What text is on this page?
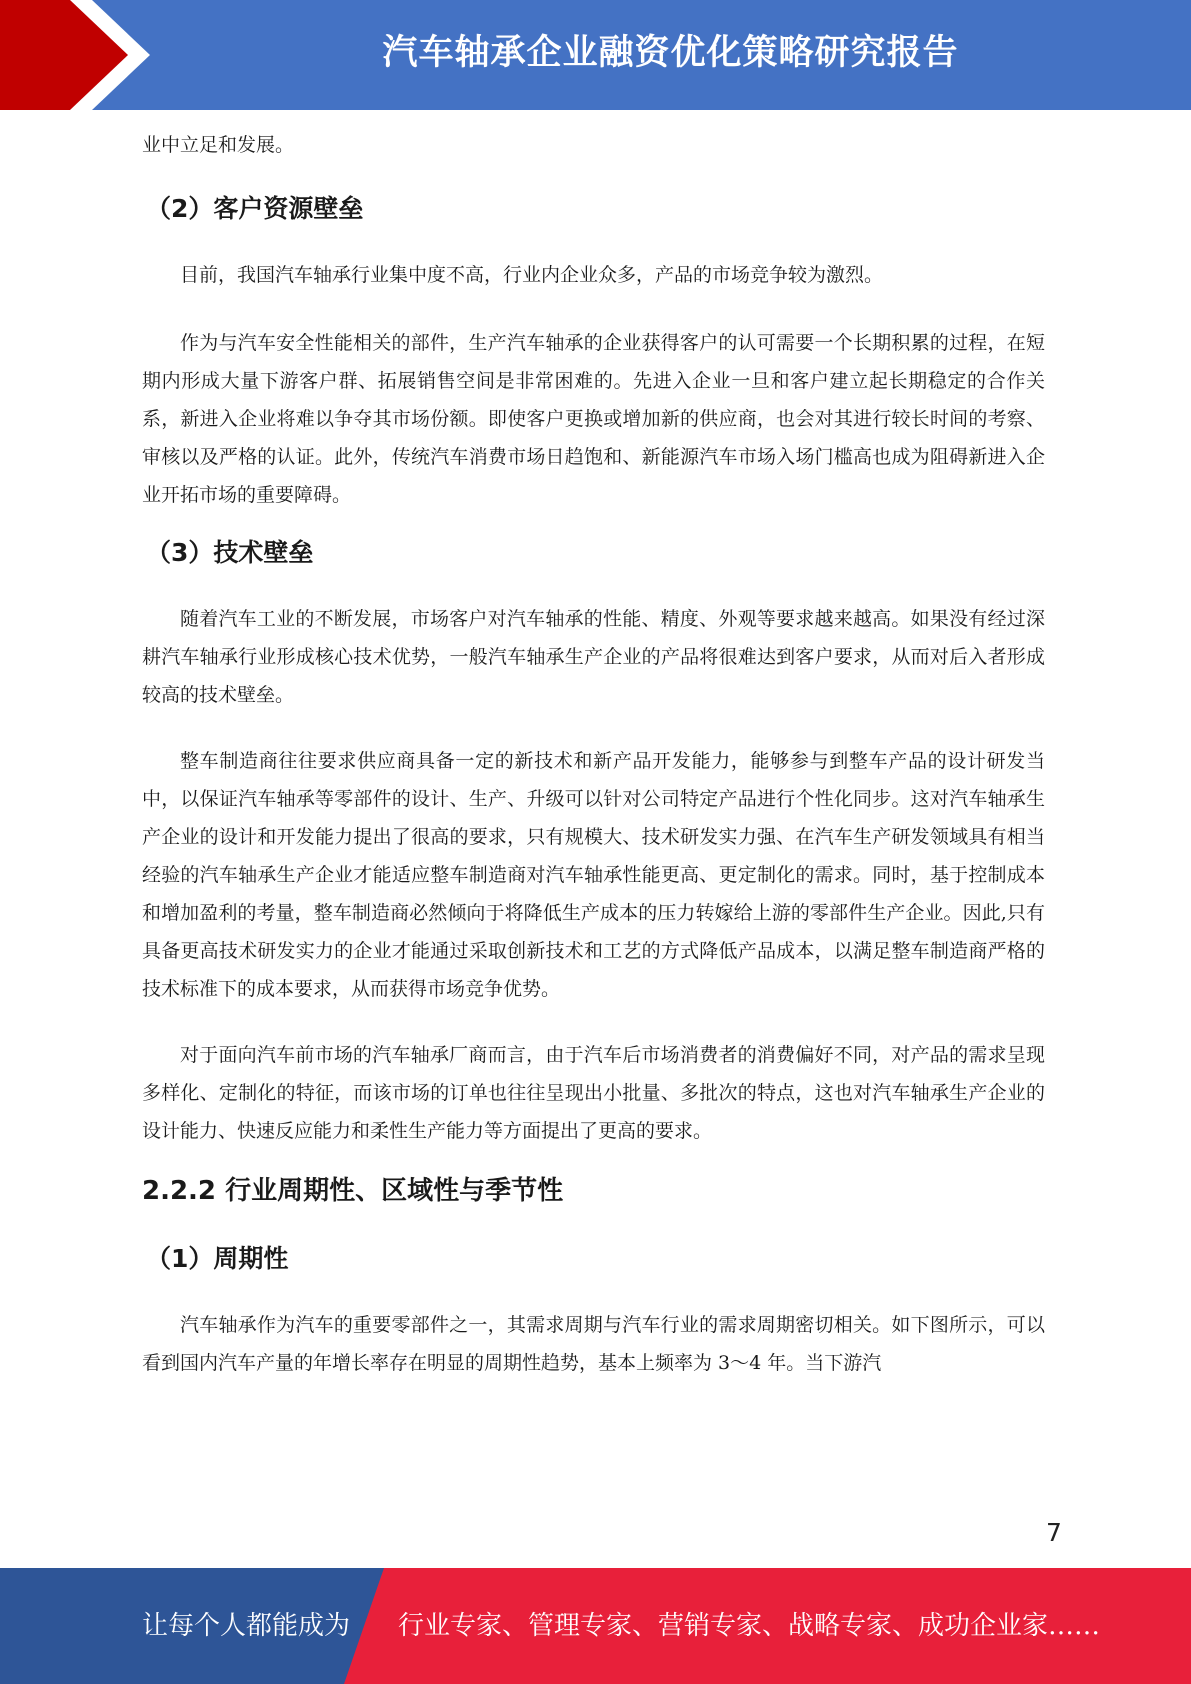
汽车轴承企业融资优化策略研究报告

业中立足和发展。

（2）客户资源壁垒

目前，我国汽车轴承行业集中度不高，行业内企业众多，产品的市场竞争较为激烈。

作为与汽车安全性能相关的部件，生产汽车轴承的企业获得客户的认可需要一个长期积累的过程，在短期内形成大量下游客户群、拓展销售空间是非常困难的。先进入企业一旦和客户建立起长期稳定的合作关系，新进入企业将难以争夺其市场份额。即使客户更换或增加新的供应商，也会对其进行较长时间的考察、审核以及严格的认证。此外，传统汽车消费市场日趋饱和、新能源汽车市场入场门槛高也成为阻碍新进入企业开拓市场的重要障碍。

（3）技术壁垒

随着汽车工业的不断发展，市场客户对汽车轴承的性能、精度、外观等要求越来越高。如果没有经过深耕汽车轴承行业形成核心技术优势，一般汽车轴承生产企业的产品将很难达到客户要求，从而对后入者形成较高的技术壁垒。

整车制造商往往要求供应商具备一定的新技术和新产品开发能力，能够参与到整车产品的设计研发当中，以保证汽车轴承等零部件的设计、生产、升级可以针对公司特定产品进行个性化同步。这对汽车轴承生产企业的设计和开发能力提出了很高的要求，只有规模大、技术研发实力强、在汽车生产研发领域具有相当经验的汽车轴承生产企业才能适应整车制造商对汽车轴承性能更高、更定制化的需求。同时，基于控制成本和增加盈利的考量，整车制造商必然倾向于将降低生产成本的压力转嫁给上游的零部件生产企业。因此,只有具备更高技术研发实力的企业才能通过采取创新技术和工艺的方式降低产品成本，以满足整车制造商严格的技术标准下的成本要求，从而获得市场竞争优势。

对于面向汽车前市场的汽车轴承厂商而言，由于汽车后市场消费者的消费偏好不同，对产品的需求呈现多样化、定制化的特征，而该市场的订单也往往呈现出小批量、多批次的特点，这也对汽车轴承生产企业的设计能力、快速反应能力和柔性生产能力等方面提出了更高的要求。

2.2.2 行业周期性、区域性与季节性
（1）周期性

汽车轴承作为汽车的重要零部件之一，其需求周期与汽车行业的需求周期密切相关。如下图所示，可以看到国内汽车产量的年增长率存在明显的周期性趋势，基本上频率为 3～4 年。当下游汽

7
让每个人都能成为 行业专家、管理专家、营销专家、战略专家、成功企业家……
